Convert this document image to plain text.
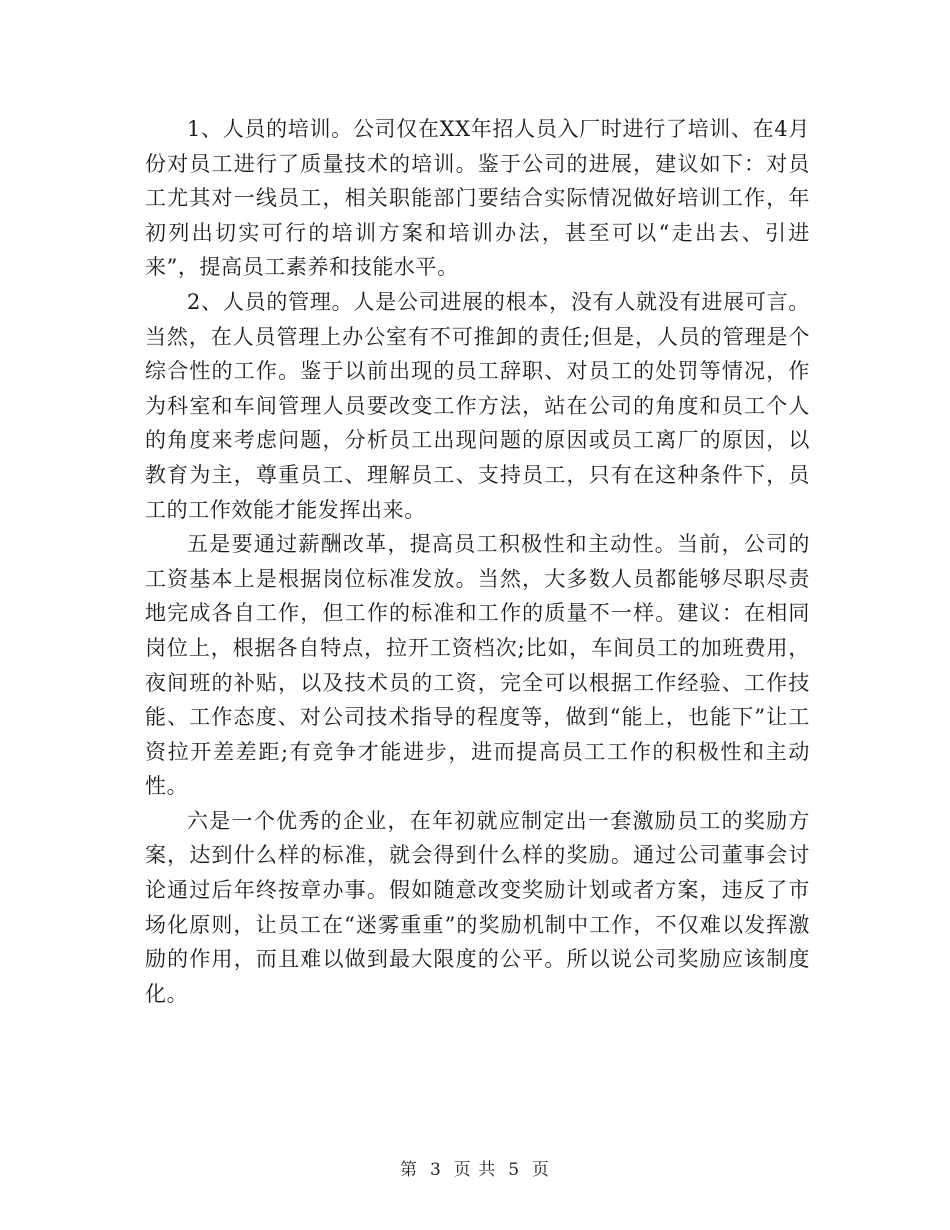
1、人员的培训。公司仅在XX年招人员入厂时进行了培训、在4月份对员工进行了质量技术的培训。鉴于公司的进展，建议如下：对员工尤其对一线员工，相关职能部门要结合实际情况做好培训工作，年初列出切实可行的培训方案和培训办法，甚至可以“走出去、引进来”，提高员工素养和技能水平。

2、人员的管理。人是公司进展的根本，没有人就没有进展可言。当然，在人员管理上办公室有不可推卸的责任;但是，人员的管理是个综合性的工作。鉴于以前出现的员工辞职、对员工的处罚等情况，作为科室和车间管理人员要改变工作方法，站在公司的角度和员工个人的角度来考虑问题，分析员工出现问题的原因或员工离厂的原因，以教育为主，尊重员工、理解员工、支持员工，只有在这种条件下，员工的工作效能才能发挥出来。

五是要通过薪酬改革，提高员工积极性和主动性。当前，公司的工资基本上是根据岗位标准发放。当然，大多数人员都能够尽职尽责地完成各自工作，但工作的标准和工作的质量不一样。建议：在相同岗位上，根据各自特点，拉开工资档次;比如，车间员工的加班费用，夜间班的补贴，以及技术员的工资，完全可以根据工作经验、工作技能、工作态度、对公司技术指导的程度等，做到“能上，也能下”让工资拉开差差距;有竞争才能进步，进而提高员工工作的积极性和主动性。

六是一个优秀的企业，在年初就应制定出一套激励员工的奖励方案，达到什么样的标准，就会得到什么样的奖励。通过公司董事会讨论通过后年终按章办事。假如随意改变奖励计划或者方案，违反了市场化原则，让员工在“迷雾重重”的奖励机制中工作，不仅难以发挥激励的作用，而且难以做到最大限度的公平。所以说公司奖励应该制度化。

第 3 页 共 5 页
